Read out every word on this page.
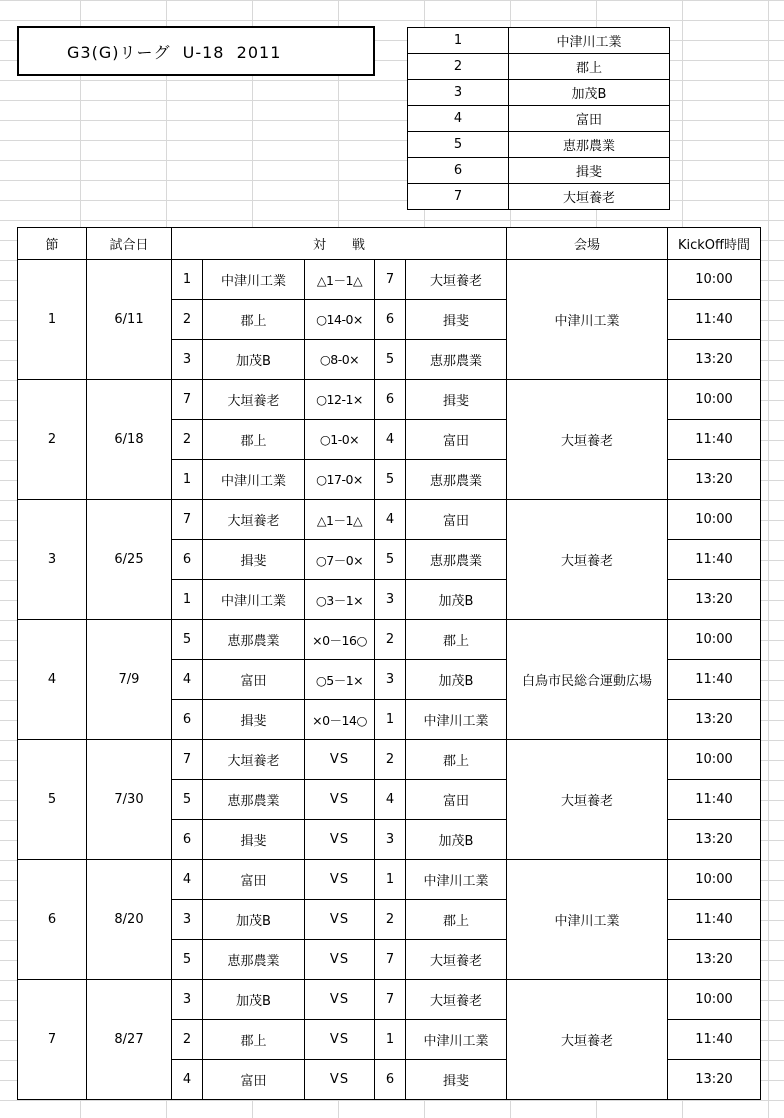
G3(G)リーグ  U-18  2011
1	中津川工業
2	郡上
3	加茂B
4	富田
5	恵那農業
6	揖斐
7	大垣養老
節	試合日	対　　戦					会場	KickOff時間
1	6/11	1	中津川工業	△1－1△	7	大垣養老	中津川工業	10:00
		2	郡上	○14-0×	6	揖斐		11:40
		3	加茂B	○8-0×	5	恵那農業		13:20
2	6/18	7	大垣養老	○12-1×	6	揖斐	大垣養老	10:00
		2	郡上	○1-0×	4	富田		11:40
		1	中津川工業	○17-0×	5	恵那農業		13:20
3	6/25	7	大垣養老	△1－1△	4	富田	大垣養老	10:00
		6	揖斐	○7－0×	5	恵那農業		11:40
		1	中津川工業	○3－1×	3	加茂B		13:20
4	7/9	5	恵那農業	×0－16○	2	郡上	白鳥市民総合運動広場	10:00
		4	富田	○5－1×	3	加茂B		11:40
		6	揖斐	×0－14○	1	中津川工業		13:20
5	7/30	7	大垣養老	VS	2	郡上	大垣養老	10:00
		5	恵那農業	VS	4	富田		11:40
		6	揖斐	VS	3	加茂B		13:20
6	8/20	4	富田	VS	1	中津川工業	中津川工業	10:00
		3	加茂B	VS	2	郡上		11:40
		5	恵那農業	VS	7	大垣養老		13:20
7	8/27	3	加茂B	VS	7	大垣養老	大垣養老	10:00
		2	郡上	VS	1	中津川工業		11:40
		4	富田	VS	6	揖斐		13:20
